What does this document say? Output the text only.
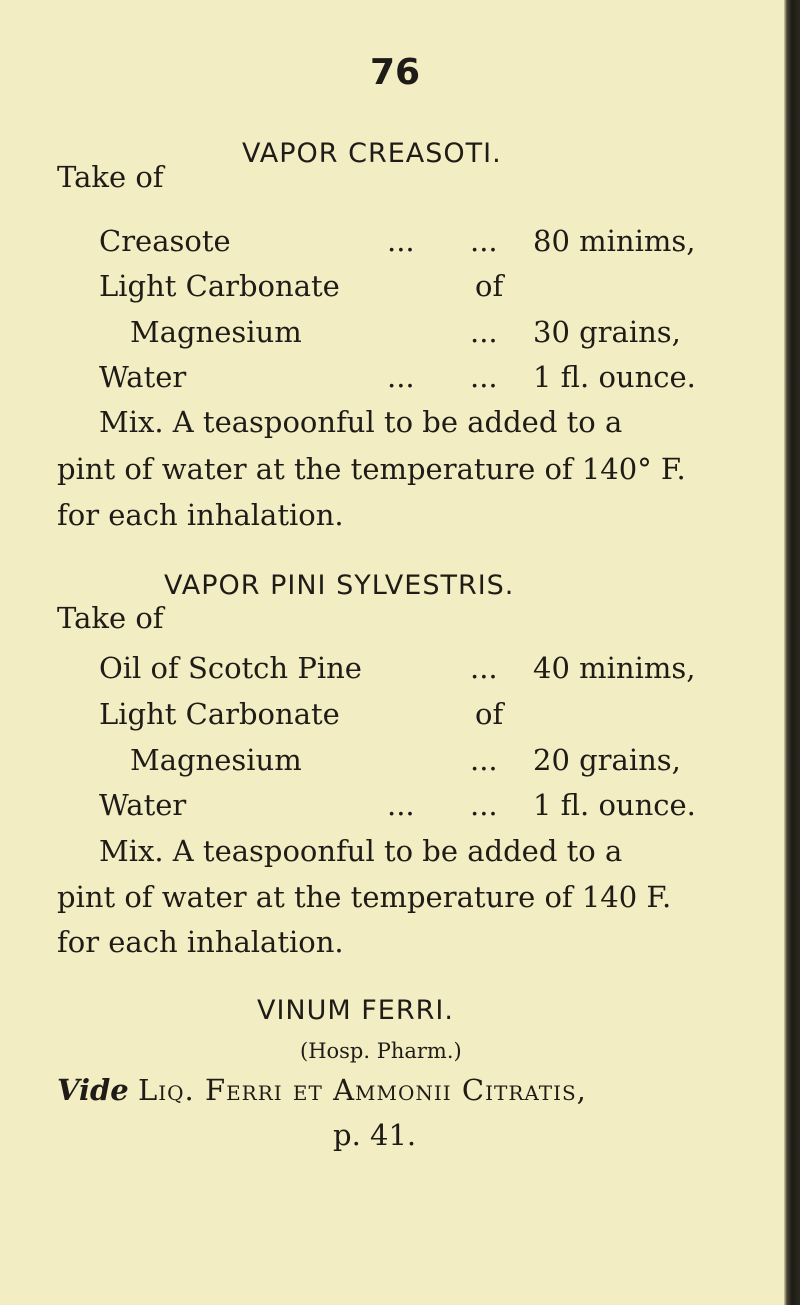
76
VAPOR CREASOTI.
Take of
Creasote	... ... 80 minims,
Light Carbonate	of
Magnesium	... 30 grains,
Water	... ... 1 fl. ounce.
Mix. A teaspoonful to be added to a
pint of water at the temperature of 140° F.
for each inhalation.
VAPOR PINI SYLVESTRIS.
Take of
Oil of Scotch Pine	... 40 minims,
Light Carbonate	of
Magnesium	... 20 grains,
Water	... ... 1 fl. ounce.
Mix. A teaspoonful to be added to a
pint of water at the temperature of 140 F.
for each inhalation.
VINUM FERRI.
(Hosp. Pharm.)
Vide Liq. Ferri et Ammonii Citratis,
p. 41.
